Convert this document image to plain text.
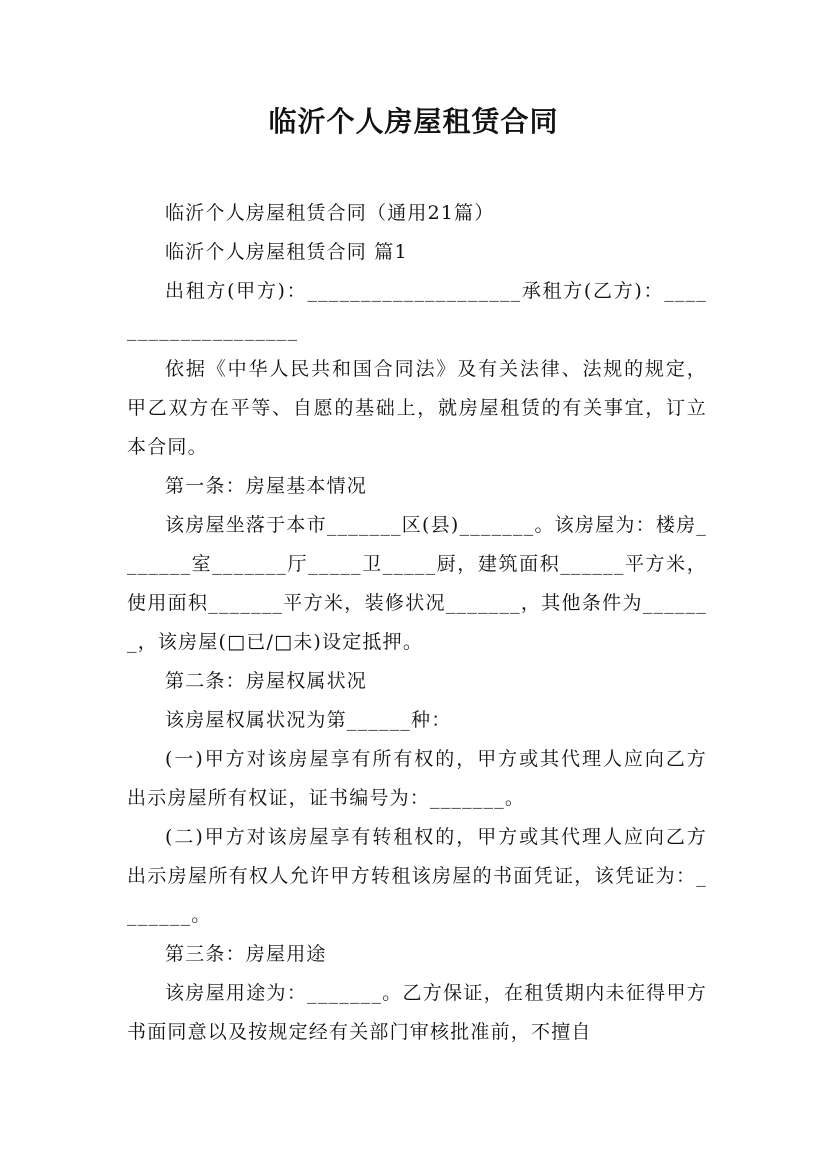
临沂个人房屋租赁合同

临沂个人房屋租赁合同（通用21篇）

临沂个人房屋租赁合同 篇1

出租方(甲方)：____________________承租方(乙方)：____________________

依据《中华人民共和国合同法》及有关法律、法规的规定，甲乙双方在平等、自愿的基础上，就房屋租赁的有关事宜，订立本合同。

第一条：房屋基本情况

该房屋坐落于本市_______区(县)_______。该房屋为：楼房_______室_______厅_____卫_____厨，建筑面积______平方米，使用面积_______平方米，装修状况_______，其他条件为_______，该房屋(□已/□未)设定抵押。

第二条：房屋权属状况

该房屋权属状况为第______种：

(一)甲方对该房屋享有所有权的，甲方或其代理人应向乙方出示房屋所有权证，证书编号为：_______。

(二)甲方对该房屋享有转租权的，甲方或其代理人应向乙方出示房屋所有权人允许甲方转租该房屋的书面凭证，该凭证为：_______。

第三条：房屋用途

该房屋用途为：_______。乙方保证，在租赁期内未征得甲方书面同意以及按规定经有关部门审核批准前，不擅自
